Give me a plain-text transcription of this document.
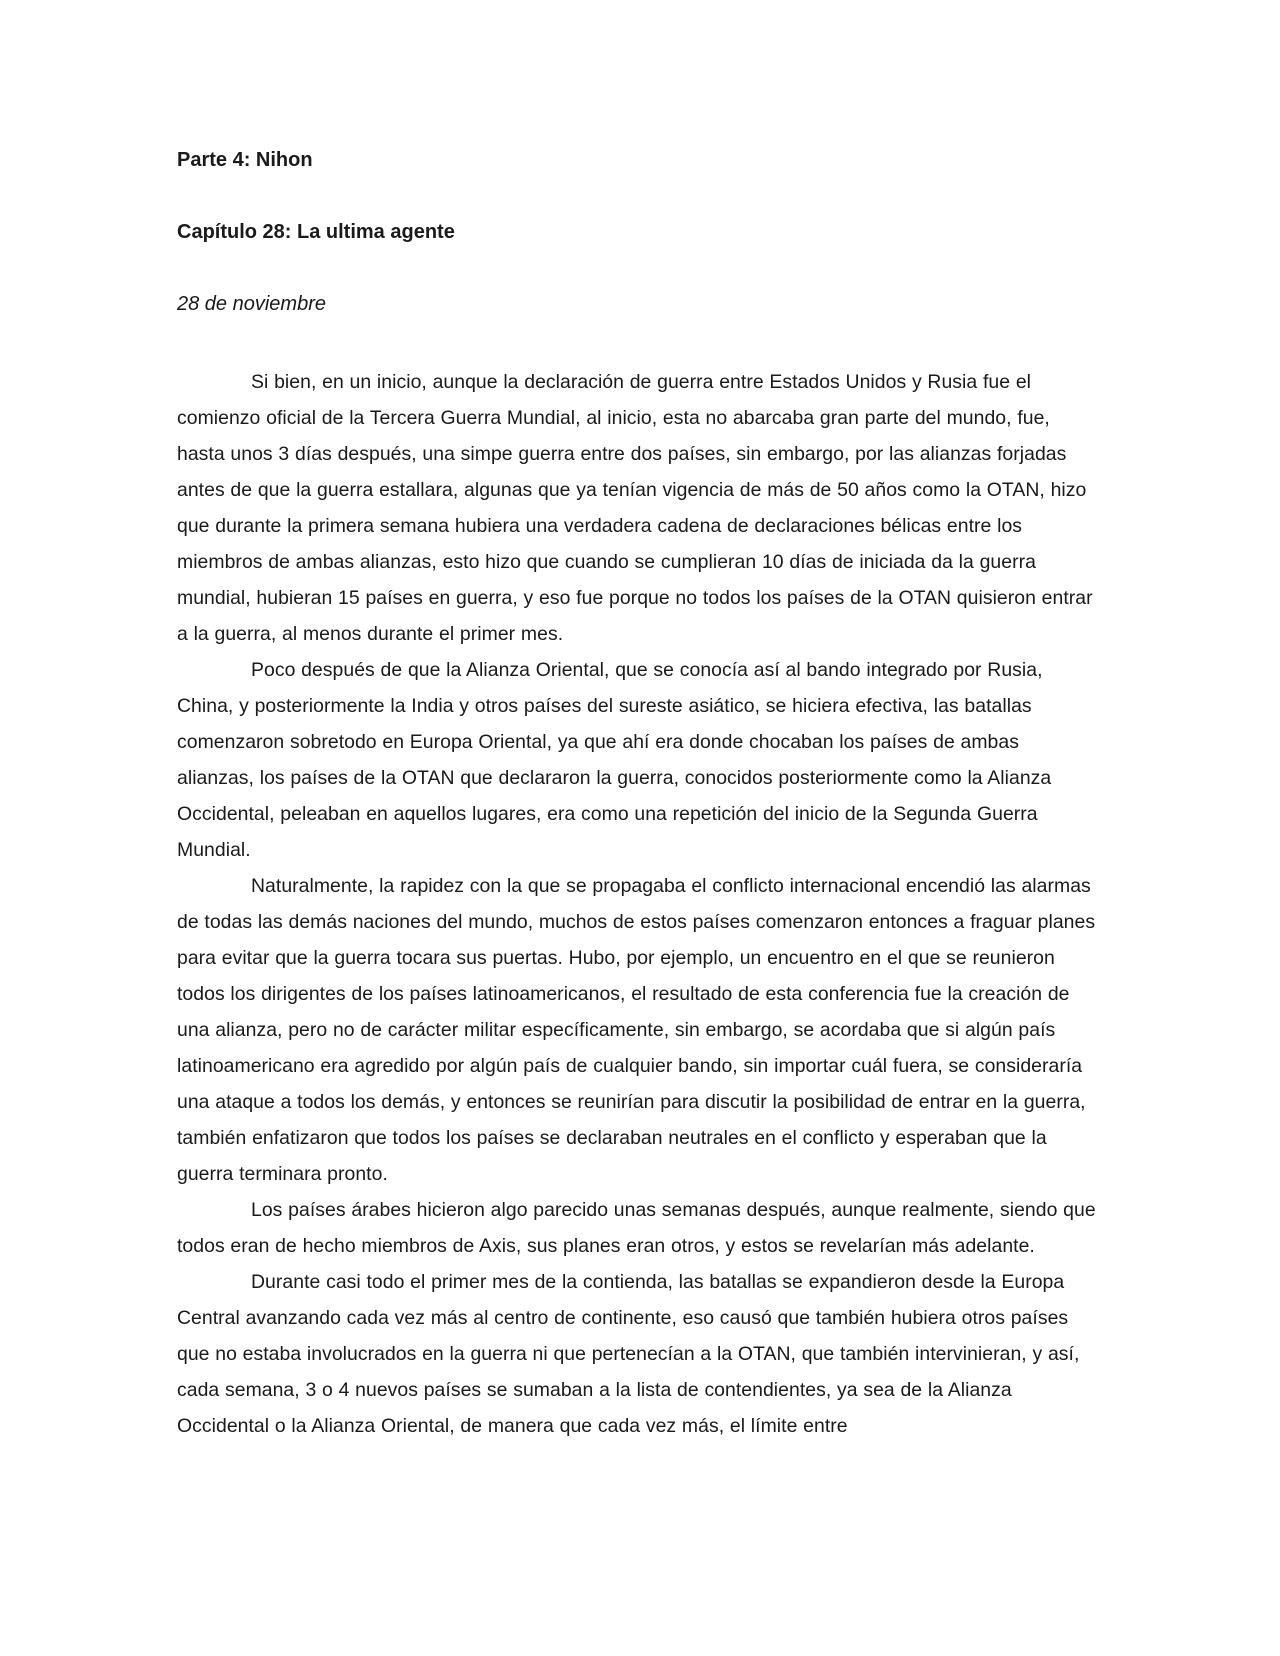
Parte 4: Nihon
Capítulo 28: La ultima agente

28 de noviembre

Si bien, en un inicio, aunque la declaración de guerra entre Estados Unidos y Rusia fue el comienzo oficial de la Tercera Guerra Mundial, al inicio, esta no abarcaba gran parte del mundo, fue, hasta unos 3 días después, una simpe guerra entre dos países, sin embargo, por las alianzas forjadas antes de que la guerra estallara, algunas que ya tenían vigencia de más de 50 años como la OTAN, hizo que durante la primera semana hubiera una verdadera cadena de declaraciones bélicas entre los miembros de ambas alianzas, esto hizo que cuando se cumplieran 10 días de iniciada da la guerra mundial, hubieran 15 países en guerra, y eso fue porque no todos los países de la OTAN quisieron entrar a la guerra, al menos durante el primer mes.

Poco después de que la Alianza Oriental, que se conocía así al bando integrado por Rusia, China, y posteriormente la India y otros países del sureste asiático, se hiciera efectiva, las batallas comenzaron sobretodo en Europa Oriental, ya que ahí era donde chocaban los países de ambas alianzas, los países de la OTAN que declararon la guerra, conocidos posteriormente como la Alianza Occidental, peleaban en aquellos lugares, era como una repetición del inicio de la Segunda Guerra Mundial.

Naturalmente, la rapidez con la que se propagaba el conflicto internacional encendió las alarmas de todas las demás naciones del mundo, muchos de estos países comenzaron entonces a fraguar planes para evitar que la guerra tocara sus puertas. Hubo, por ejemplo, un encuentro en el que se reunieron todos los dirigentes de los países latinoamericanos, el resultado de esta conferencia fue la creación de una alianza, pero no de carácter militar específicamente, sin embargo, se acordaba que si algún país latinoamericano era agredido por algún país de cualquier bando, sin importar cuál fuera, se consideraría una ataque a todos los demás, y entonces se reunirían para discutir la posibilidad de entrar en la guerra, también enfatizaron que todos los países se declaraban neutrales en el conflicto y esperaban que la guerra terminara pronto.

Los países árabes hicieron algo parecido unas semanas después, aunque realmente, siendo que todos eran de hecho miembros de Axis, sus planes eran otros, y estos se revelarían más adelante.

Durante casi todo el primer mes de la contienda, las batallas se expandieron desde la Europa Central avanzando cada vez más al centro de continente, eso causó que también hubiera otros países que no estaba involucrados en la guerra ni que pertenecían a la OTAN, que también intervinieran, y así, cada semana, 3 o 4 nuevos países se sumaban a la lista de contendientes, ya sea de la Alianza Occidental o la Alianza Oriental, de manera que cada vez más, el límite entre
